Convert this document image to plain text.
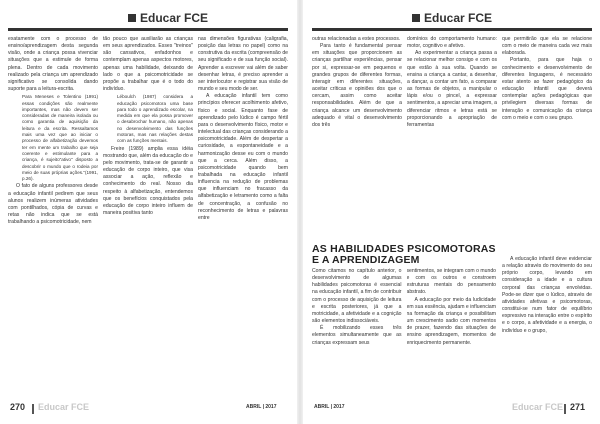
Educar FCE

exatamente com o processo de ensino/aprendizagem desta segunda visão, onde a criança possa vivenciar situações que a estimule de forma plena. Dentro de cada movimento realizado pela criança um aprendizado significativo se consolida dando suporte para a leitura-escrita.

Para Meneses e Tolentino (1991) essas condições são realmente importantes, mas não devem ser consideradas de maneira isolada ou como garantia de aquisição da leitura e da escrita. Ressaltamos mais uma vez que ao iniciar o processo de alfabetização devemos ter em mente um trabalho que seja coerente e estimulante para a criança, é sujeito"ativo" disposto a descobrir o mundo que o rodeia por meio de suas próprias ações."(1991, p.26).

O fato de alguns professores desde a educação infantil pedirem que seus alunos realizem inúmeras atividades com pontilhados, cópia de curvas e retas não indica que se está trabalhando a psicomotricidade, nem

tão pouco que auxiliarão as crianças em seus aprendizados. Esses "treinos" são cansativos, enfadonhos e contemplam apenas aspectos motores, apenas uma habilidade, deixando de lado o que a psicomotricidade se propõe a trabalhar que é o todo do indivíduo.

Léboulch (1987) considera a educação psicomotora uma base para todo o aprendizado escolar, na medida em que ela possa promover o desabrochar humano, não apenas no desenvolvimento das funções motoras, mas nas relações destas com as funções mentais.

Freire (1989) amplia essa idéia mostrando que, além da educação do e pelo movimento, trata-se de garantir a educação de corpo inteiro, que visa associar a ação, reflexão e conhecimento do real. Nosso dia respeito à alfabetização, entendemos que os benefícios conquistados pela educação de corpo inteiro influem de maneira positiva tanto

nas dimensões figurativas (caligrafia, posição das letras no papel) como na construtiva da escrita (compreensão de seu significado e de sua função social). Aprender a escrever vai além de saber desenhar letras, é preciso aprender a ser interlocutor e registrar sua visão de mundo e seu modo de ser.

A educação infantil tem como princípios oferecer acolhimento afetivo, físico e social. Enquanto fase de aprendizado pelo lúdico é campo fértil para o desenvolvimento físico, motor e intelectual das crianças considerando a psicomotricidade. Além de despertar a curiosidade, a espontaneidade e a harmonização desse eu com o mundo que a cerca. Além disso, a psicomotricidade quando bem trabalhada na educação infantil influencia na redução de problemas que influenciam no fracasso da alfabetização e letramento como a falta de concentração, a confusão no reconhecimento de letras e palavras entre

270 Educar FCE	ABRIL | 2017
Educar FCE

outras relacionadas a estes processos.

Para tanto é fundamental pensar em situações que proporcionem as crianças partilhar experiências, pensar por si, expressar-se em pequenos e grandes grupos de diferentes formas, interagir em diferentes situações, aceitar críticas e opiniões dos que o cercam, assim como aceitar responsabilidades. Além de que a criança alcance um desenvolvimento adequado é vital o desenvolvimento dos três

domínios do comportamento humano: motor, cognitivo e afetivo.

Ao experimentar a criança passa a se relacionar melhor consigo e com os que estão à sua volta. Quando se ensina a criança a cantar, a desenhar, a dançar, a contar um fato, a comparar as formas de objetos, a manipular o lápis e/ou o pincel, a expressar sentimentos, a apreciar uma imagem, a diferenciar ritmos e letras está se proporcionando a apropriação de ferramentas

que permitirão que ela se relacione com o meio de maneira cada vez mais elaborada.

Portanto, para que haja o conhecimento e desenvolvimento de diferentes linguagens, é necessário estar atento ao fazer pedagógico da educação infantil que deverá contemplar ações pedagógicas que privilegiem diversas formas de interação e comunicação da criança com o meio e com o seu grupo.

AS HABILIDADES PSICOMOTORAS E A APRENDIZAGEM

Como citamos no capítulo anterior, o desenvolvimento de algumas habilidades psicomotoras é essencial na educação infantil, a fim de contribuir com o processo de aquisição de leitura e escrita posteriores, já que a motricidade, a afetividade e a cognição são elementos indissociáveis.

É mobilizando esses três elementos simultaneamente que as crianças expressam seus

sentimentos, se integram com o mundo e com os outros e constroem estruturas mentais do pensamento abstrato.

A educação por meio da ludicidade em sua essência, ajudam e influenciam na formação da criança e possibilitam um crescimento sadio com momentos de prazer, fazendo das situações de ensino aprendizagem, momentos de enriquecimento permanente.

A educação infantil deve evidenciar a relação através do movimento do seu próprio corpo, levando em consideração a idade e a cultura corporal das crianças envolvidas. Pode-se dizer que o lúdico, através de atividades afetivas e psicomotoras, constitui-se num fator de equilíbrio expressivo na interação entre o espírito e o corpo, a afetividade e a energia, o indivíduo e o grupo,

ABRIL | 2017	Educar FCE 271
